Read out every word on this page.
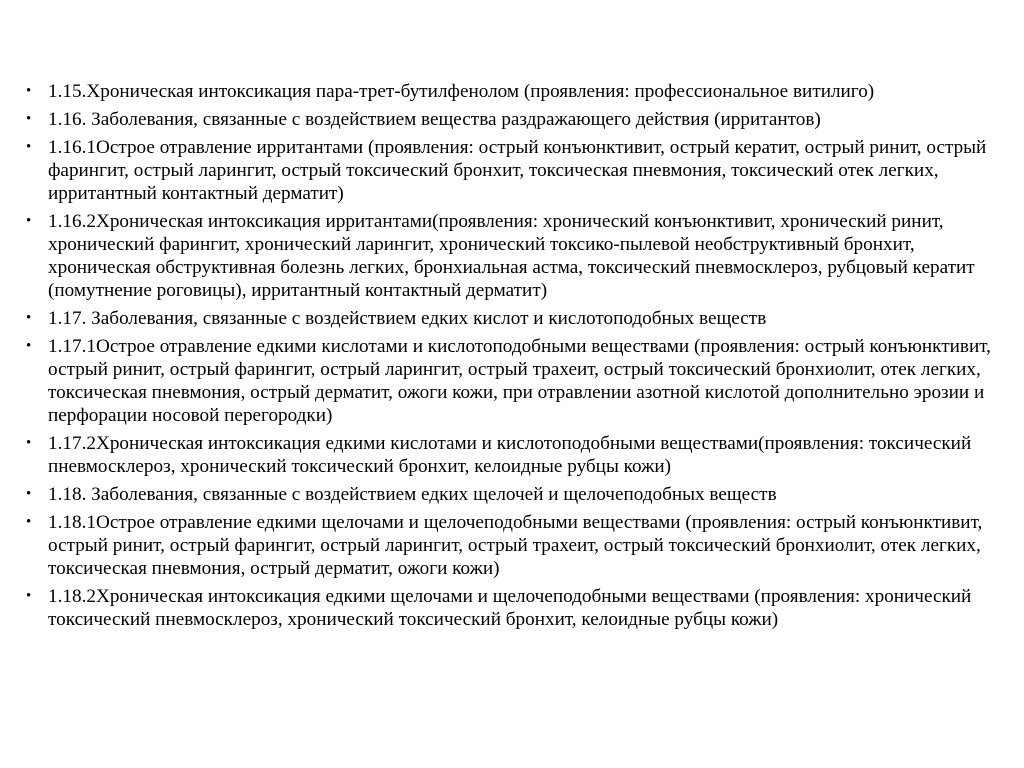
• 1.15.Хроническая интоксикация пара-трет-бутилфенолом (проявления: профессиональное витилиго)
• 1.16. Заболевания, связанные с воздействием вещества раздражающего действия (ирритантов)
• 1.16.1Острое отравление ирритантами (проявления: острый конъюнктивит, острый кератит, острый ринит, острый фарингит, острый ларингит, острый токсический бронхит, токсическая пневмония, токсический отек легких, ирритантный контактный дерматит)
• 1.16.2Хроническая интоксикация ирритантами(проявления: хронический конъюнктивит, хронический ринит, хронический фарингит, хронический ларингит, хронический токсико-пылевой необструктивный бронхит, хроническая обструктивная болезнь легких, бронхиальная астма, токсический пневмосклероз, рубцовый кератит (помутнение роговицы), ирритантный контактный дерматит)
• 1.17. Заболевания, связанные с воздействием едких кислот и кислотоподобных веществ
• 1.17.1Острое отравление едкими кислотами и кислотоподобными веществами (проявления: острый конъюнктивит, острый ринит, острый фарингит, острый ларингит, острый трахеит, острый токсический бронхиолит, отек легких, токсическая пневмония, острый дерматит, ожоги кожи, при отравлении азотной кислотой дополнительно эрозии и перфорации носовой перегородки)
• 1.17.2Хроническая интоксикация едкими кислотами и кислотоподобными веществами(проявления: токсический пневмосклероз, хронический токсический бронхит, келоидные рубцы кожи)
• 1.18. Заболевания, связанные с воздействием едких щелочей и щелочеподобных веществ
• 1.18.1Острое отравление едкими щелочами и щелочеподобными веществами (проявления: острый конъюнктивит, острый ринит, острый фарингит, острый ларингит, острый трахеит, острый токсический бронхиолит, отек легких, токсическая пневмония, острый дерматит, ожоги кожи)
• 1.18.2Хроническая интоксикация едкими щелочами и щелочеподобными веществами (проявления: хронический токсический пневмосклероз, хронический токсический бронхит, келоидные рубцы кожи)
